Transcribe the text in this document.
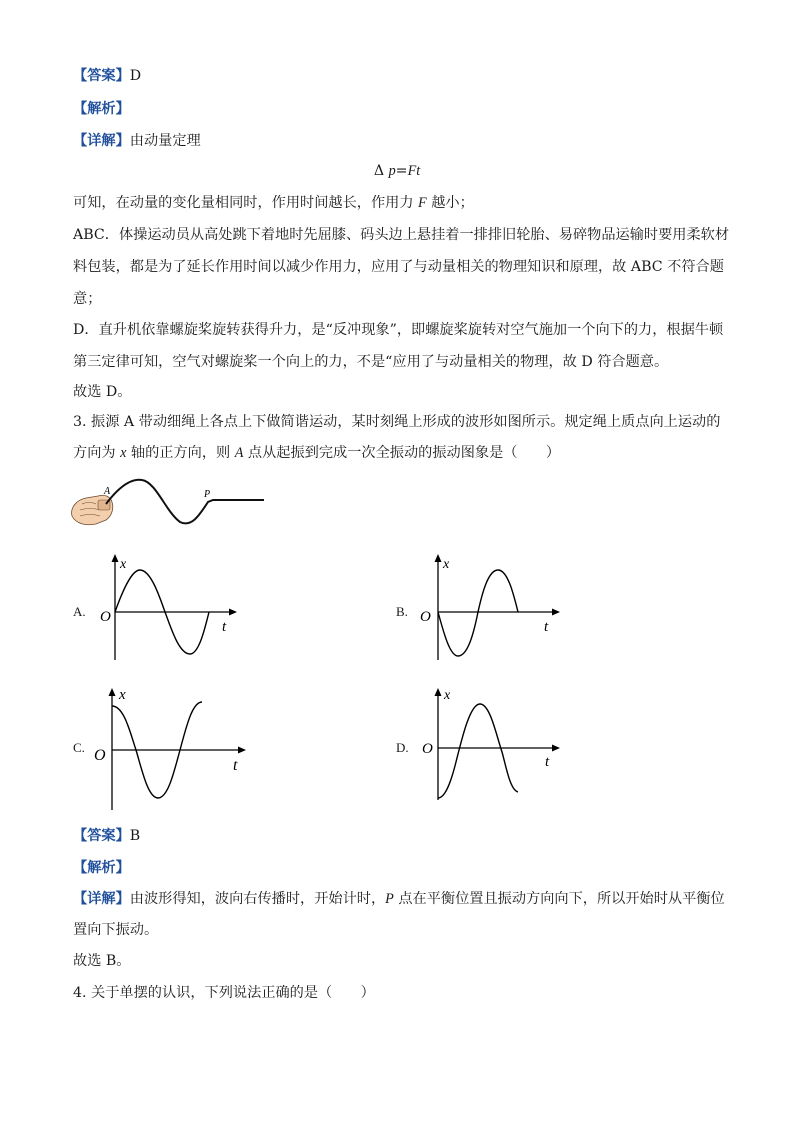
【答案】D
【解析】
【详解】由动量定理
Δ p=Ft
可知，在动量的变化量相同时，作用时间越长，作用力 F 越小；
ABC．体操运动员从高处跳下着地时先屈膝、码头边上悬挂着一排排旧轮胎、易碎物品运输时要用柔软材
料包装，都是为了延长作用时间以减少作用力，应用了与动量相关的物理知识和原理，故 ABC 不符合题
意；
D．直升机依靠螺旋桨旋转获得升力，是“反冲现象”，即螺旋桨旋转对空气施加一个向下的力，根据牛顿
第三定律可知，空气对螺旋桨一个向上的力，不是“应用了与动量相关的物理，故 D 符合题意。
故选 D。
3. 振源 A 带动细绳上各点上下做简谐运动，某时刻绳上形成的波形如图所示。规定绳上质点向上运动的
方向为 x 轴的正方向，则 A 点从起振到完成一次全振动的振动图象是（　　）
A	P
A.
x
t
O	B.
x
t
O
C.
x
t
O	D.
x
t
O
【答案】B
【解析】
【详解】由波形得知，波向右传播时，开始计时，P 点在平衡位置且振动方向向下，所以开始时从平衡位
置向下振动。
故选 B。
4. 关于单摆的认识，下列说法正确的是（　　）
